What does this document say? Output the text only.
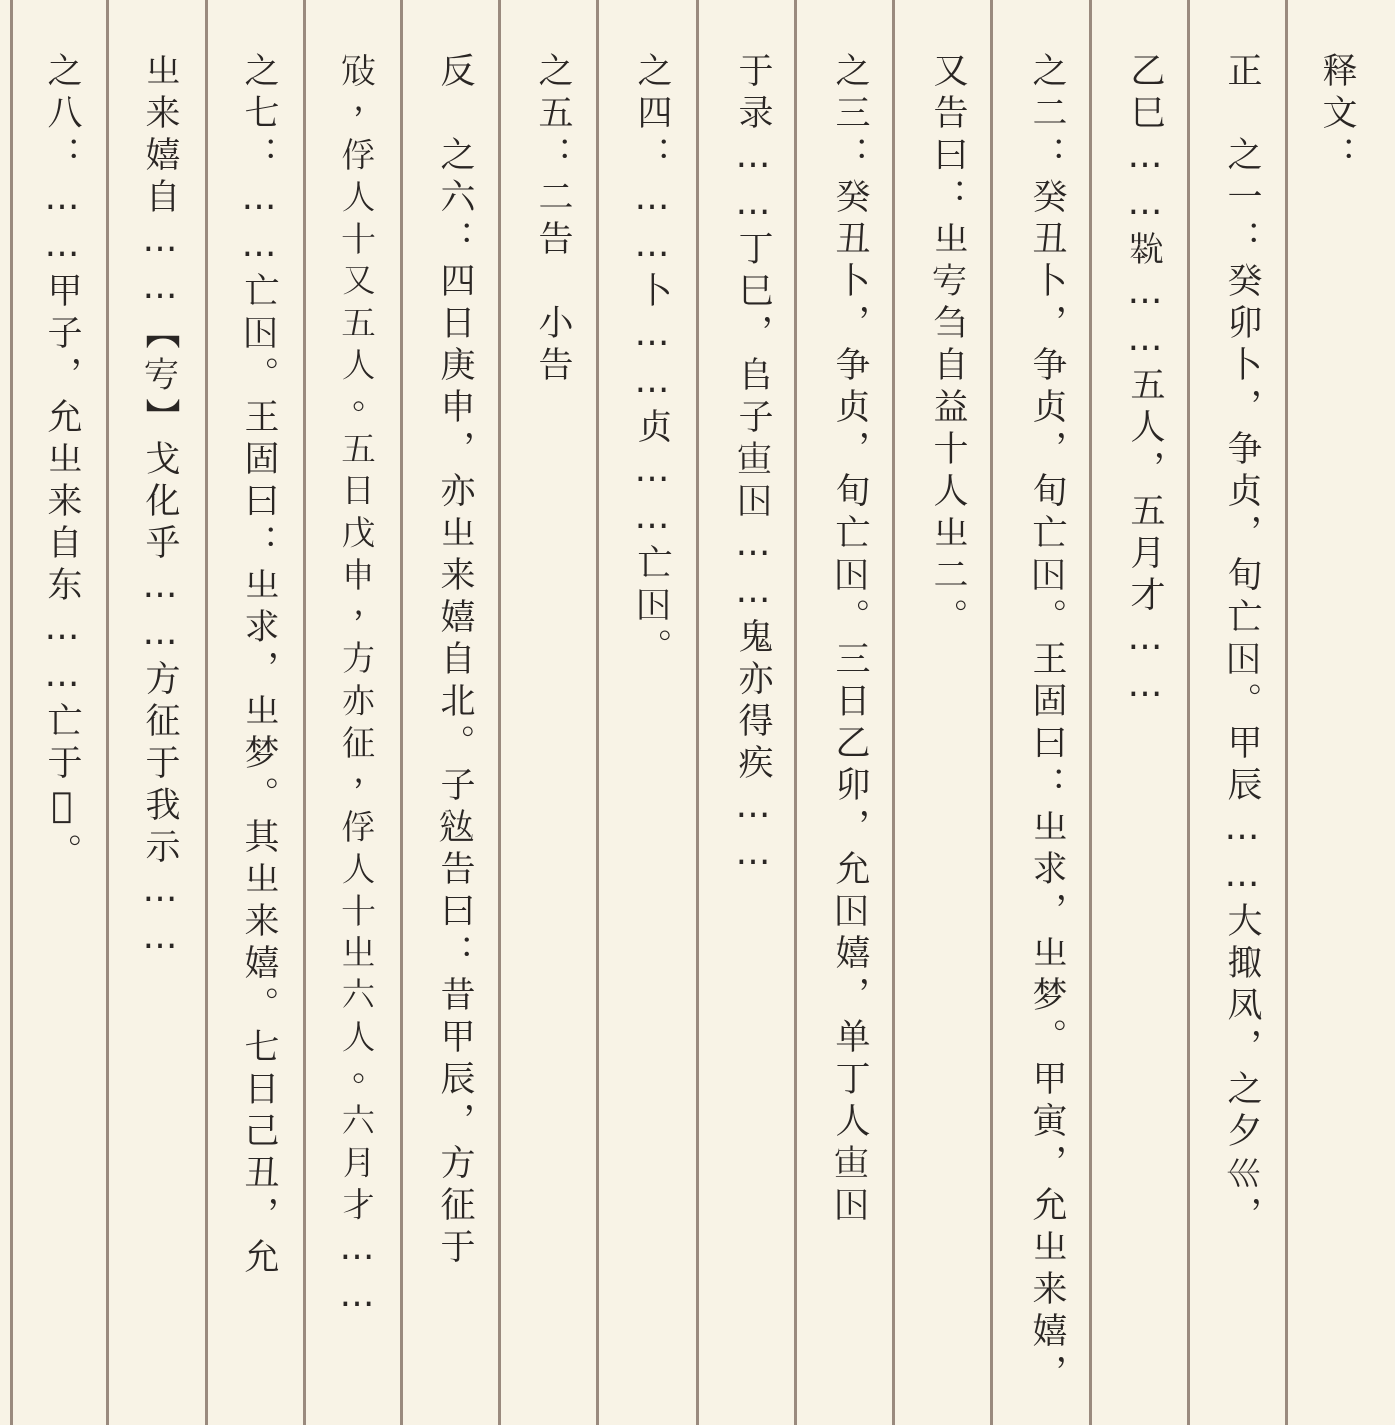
释文：
正　之一：癸卯卜，争贞，旬亡𡆥。甲辰……大掫凤，之夕𡿧，
乙巳……𡴞……五人，五月才……
之二：癸丑卜，争贞，旬亡𡆥。王固曰：㞢求，㞢梦。甲寅，允㞢来嬉，
又告曰：㞢𡧈刍自益十人㞢二。
之三：癸丑卜，争贞，旬亡𡆥。三日乙卯，允𡆥嬉，单丁人𡧹𡆥
于录……丁巳，𠂤子𡧹𡆥……鬼亦得疾……
之四：……卜……贞……亡𡆥。
之五：二告　小告
反　之六：四日庚申，亦㞢来嬉自北。子𡜎告曰：昔甲辰，方征于
𢼀，俘人十又五人。五日戊申，方亦征，俘人十㞢六人。六月才……
之七：……亡𡆥。王固曰：㞢求，㞢梦。其㞢来嬉。七日己丑，允
㞢来嬉自……【𡧈】戈化乎……方征于我示……
之八：……甲子，允㞢来自东……亡于𦓥。
